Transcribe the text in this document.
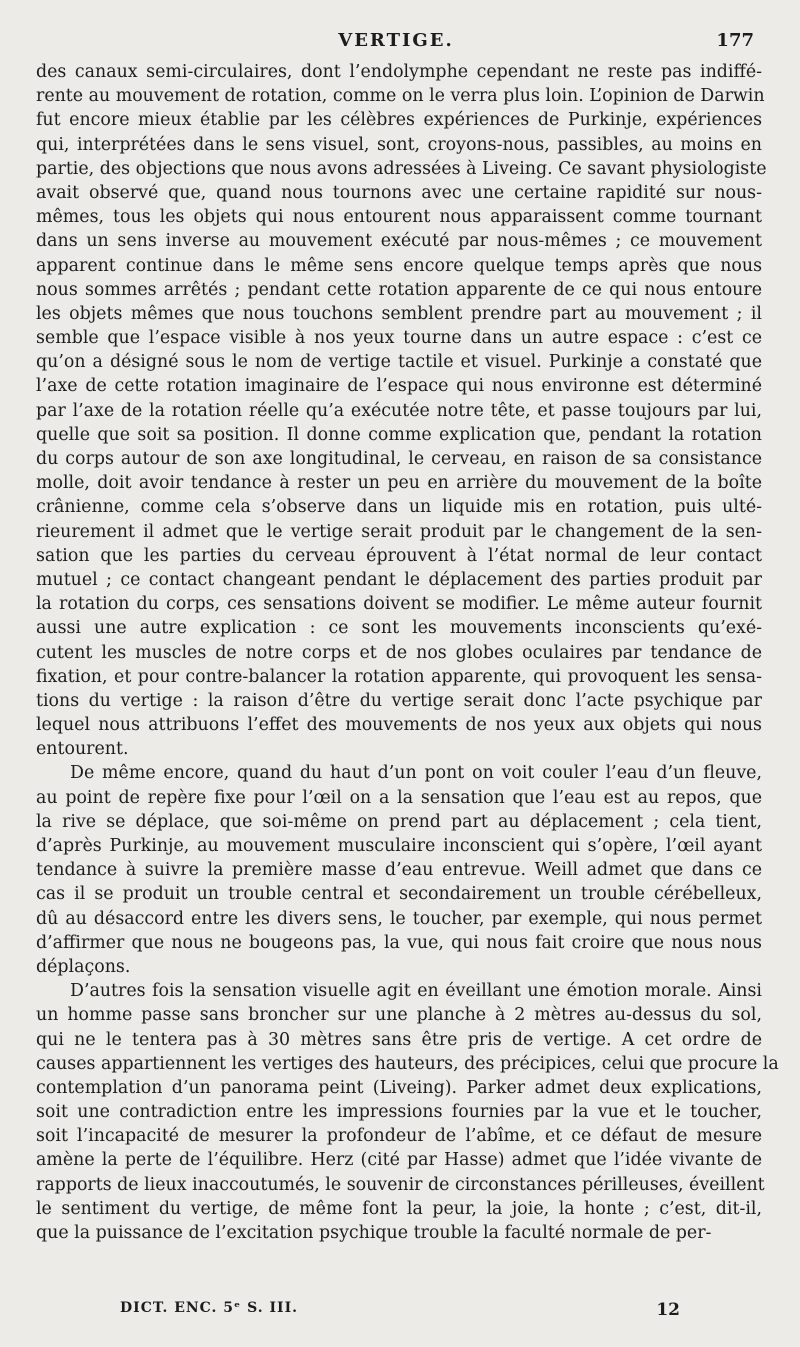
VERTIGE.	177
des canaux semi-circulaires, dont l’endolymphe cependant ne reste pas indiffé-
rente au mouvement de rotation, comme on le verra plus loin. L’opinion de Darwin
fut encore mieux établie par les célèbres expériences de Purkinje, expériences
qui, interprétées dans le sens visuel, sont, croyons-nous, passibles, au moins en
partie, des objections que nous avons adressées à Liveing. Ce savant physiologiste
avait observé que, quand nous tournons avec une certaine rapidité sur nous-
mêmes, tous les objets qui nous entourent nous apparaissent comme tournant
dans un sens inverse au mouvement exécuté par nous-mêmes ; ce mouvement
apparent continue dans le même sens encore quelque temps après que nous
nous sommes arrêtés ; pendant cette rotation apparente de ce qui nous entoure
les objets mêmes que nous touchons semblent prendre part au mouvement ; il
semble que l’espace visible à nos yeux tourne dans un autre espace : c’est ce
qu’on a désigné sous le nom de vertige tactile et visuel. Purkinje a constaté que
l’axe de cette rotation imaginaire de l’espace qui nous environne est déterminé
par l’axe de la rotation réelle qu’a exécutée notre tête, et passe toujours par lui,
quelle que soit sa position. Il donne comme explication que, pendant la rotation
du corps autour de son axe longitudinal, le cerveau, en raison de sa consistance
molle, doit avoir tendance à rester un peu en arrière du mouvement de la boîte
crânienne, comme cela s’observe dans un liquide mis en rotation, puis ulté-
rieurement il admet que le vertige serait produit par le changement de la sen-
sation que les parties du cerveau éprouvent à l’état normal de leur contact
mutuel ; ce contact changeant pendant le déplacement des parties produit par
la rotation du corps, ces sensations doivent se modifier. Le même auteur fournit
aussi une autre explication : ce sont les mouvements inconscients qu’exé-
cutent les muscles de notre corps et de nos globes oculaires par tendance de
fixation, et pour contre-balancer la rotation apparente, qui provoquent les sensa-
tions du vertige : la raison d’être du vertige serait donc l’acte psychique par
lequel nous attribuons l’effet des mouvements de nos yeux aux objets qui nous
entourent.
De même encore, quand du haut d’un pont on voit couler l’eau d’un fleuve,
au point de repère fixe pour l’œil on a la sensation que l’eau est au repos, que
la rive se déplace, que soi-même on prend part au déplacement ; cela tient,
d’après Purkinje, au mouvement musculaire inconscient qui s’opère, l’œil ayant
tendance à suivre la première masse d’eau entrevue. Weill admet que dans ce
cas il se produit un trouble central et secondairement un trouble cérébelleux,
dû au désaccord entre les divers sens, le toucher, par exemple, qui nous permet
d’affirmer que nous ne bougeons pas, la vue, qui nous fait croire que nous nous
déplaçons.
D’autres fois la sensation visuelle agit en éveillant une émotion morale. Ainsi
un homme passe sans broncher sur une planche à 2 mètres au-dessus du sol,
qui ne le tentera pas à 30 mètres sans être pris de vertige. A cet ordre de
causes appartiennent les vertiges des hauteurs, des précipices, celui que procure la
contemplation d’un panorama peint (Liveing). Parker admet deux explications,
soit une contradiction entre les impressions fournies par la vue et le toucher,
soit l’incapacité de mesurer la profondeur de l’abîme, et ce défaut de mesure
amène la perte de l’équilibre. Herz (cité par Hasse) admet que l’idée vivante de
rapports de lieux inaccoutumés, le souvenir de circonstances périlleuses, éveillent
le sentiment du vertige, de même font la peur, la joie, la honte ; c’est, dit-il,
que la puissance de l’excitation psychique trouble la faculté normale de per-
DICT. ENC. 5ᵉ S. III.	12
